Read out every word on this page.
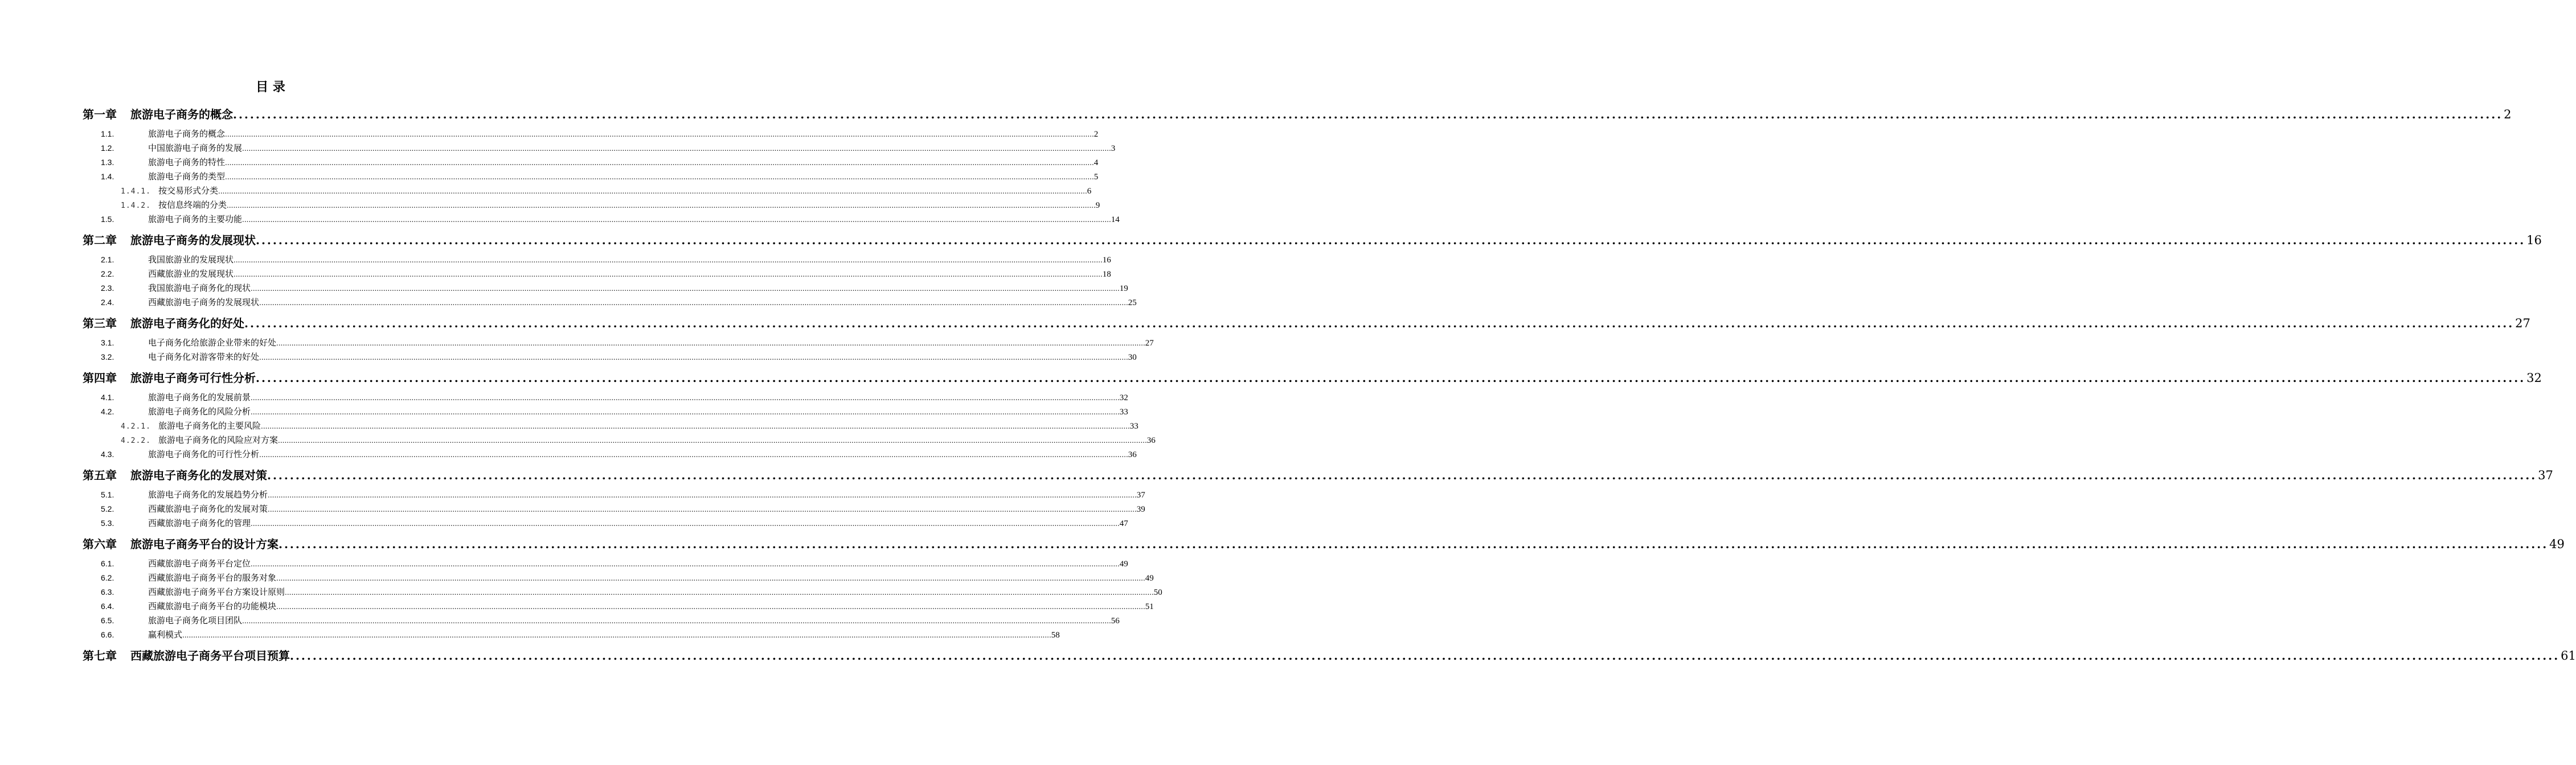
目 录
第一章	旅游电子商务的概念 ................................................................................................................................................................................................................................................................................................................................................................................................................ 2
1.1.	旅游电子商务的概念 ................................................................................................................................................................................................................................................................................................................................................................................................................ 2
1.2.	中国旅游电子商务的发展 ................................................................................................................................................................................................................................................................................................................................................................................................................ 3
1.3.	旅游电子商务的特性 ................................................................................................................................................................................................................................................................................................................................................................................................................ 4
1.4.	旅游电子商务的类型 ................................................................................................................................................................................................................................................................................................................................................................................................................ 5
1.4.1. 按交易形式分类 ................................................................................................................................................................................................................................................................................................................................................................................................................ 6
1.4.2. 按信息终端的分类 ................................................................................................................................................................................................................................................................................................................................................................................................................ 9
1.5.	旅游电子商务的主要功能 ................................................................................................................................................................................................................................................................................................................................................................................................................ 14
第二章	旅游电子商务的发展现状 ................................................................................................................................................................................................................................................................................................................................................................................................................ 16
2.1.	我国旅游业的发展现状 ................................................................................................................................................................................................................................................................................................................................................................................................................ 16
2.2.	西藏旅游业的发展现状 ................................................................................................................................................................................................................................................................................................................................................................................................................ 18
2.3.	我国旅游电子商务化的现状 ................................................................................................................................................................................................................................................................................................................................................................................................................ 19
2.4.	西藏旅游电子商务的发展现状 ................................................................................................................................................................................................................................................................................................................................................................................................................ 25
第三章	旅游电子商务化的好处 ................................................................................................................................................................................................................................................................................................................................................................................................................ 27
3.1.	电子商务化给旅游企业带来的好处 ................................................................................................................................................................................................................................................................................................................................................................................................................ 27
3.2.	电子商务化对游客带来的好处 ................................................................................................................................................................................................................................................................................................................................................................................................................ 30
第四章	旅游电子商务可行性分析 ................................................................................................................................................................................................................................................................................................................................................................................................................ 32
4.1.	旅游电子商务化的发展前景 ................................................................................................................................................................................................................................................................................................................................................................................................................ 32
4.2.	旅游电子商务化的风险分析 ................................................................................................................................................................................................................................................................................................................................................................................................................ 33
4.2.1. 旅游电子商务化的主要风险 ................................................................................................................................................................................................................................................................................................................................................................................................................ 33
4.2.2. 旅游电子商务化的风险应对方案 ................................................................................................................................................................................................................................................................................................................................................................................................................ 36
4.3.	旅游电子商务化的可行性分析 ................................................................................................................................................................................................................................................................................................................................................................................................................ 36
第五章	旅游电子商务化的发展对策 ................................................................................................................................................................................................................................................................................................................................................................................................................ 37
5.1.	旅游电子商务化的发展趋势分析 ................................................................................................................................................................................................................................................................................................................................................................................................................ 37
5.2.	西藏旅游电子商务化的发展对策 ................................................................................................................................................................................................................................................................................................................................................................................................................ 39
5.3.	西藏旅游电子商务化的管理 ................................................................................................................................................................................................................................................................................................................................................................................................................ 47
第六章	旅游电子商务平台的设计方案 ................................................................................................................................................................................................................................................................................................................................................................................................................ 49
6.1.	西藏旅游电子商务平台定位 ................................................................................................................................................................................................................................................................................................................................................................................................................ 49
6.2.	西藏旅游电子商务平台的服务对象 ................................................................................................................................................................................................................................................................................................................................................................................................................ 49
6.3.	西藏旅游电子商务平台方案设计原则 ................................................................................................................................................................................................................................................................................................................................................................................................................ 50
6.4.	西藏旅游电子商务平台的功能模块 ................................................................................................................................................................................................................................................................................................................................................................................................................ 51
6.5.	旅游电子商务化项目团队 ................................................................................................................................................................................................................................................................................................................................................................................................................ 56
6.6.	赢利模式 ................................................................................................................................................................................................................................................................................................................................................................................................................ 58
第七章	西藏旅游电子商务平台项目预算 ................................................................................................................................................................................................................................................................................................................................................................................................................ 61
